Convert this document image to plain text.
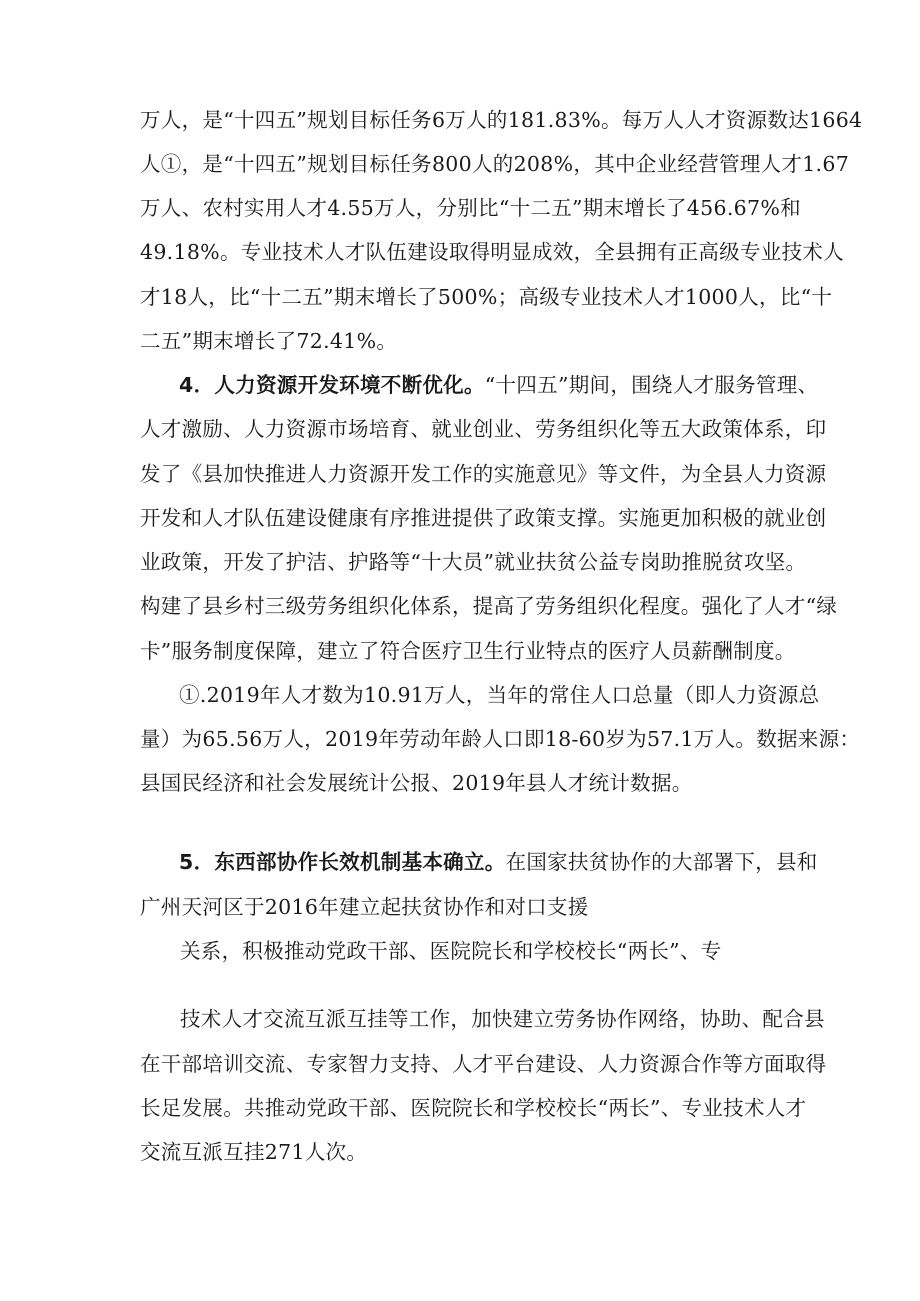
万人，是“十四五”规划目标任务6万人的181.83%。每万人人才资源数达1664
人①，是“十四五”规划目标任务800人的208%，其中企业经营管理人才1.67
万人、农村实用人才4.55万人，分别比“十二五”期末增长了456.67%和
49.18%。专业技术人才队伍建设取得明显成效，全县拥有正高级专业技术人
才18人，比“十二五”期末增长了500%；高级专业技术人才1000人，比“十
二五”期末增长了72.41%。
4．人力资源开发环境不断优化。“十四五”期间，围绕人才服务管理、
人才激励、人力资源市场培育、就业创业、劳务组织化等五大政策体系，印
发了《县加快推进人力资源开发工作的实施意见》等文件，为全县人力资源
开发和人才队伍建设健康有序推进提供了政策支撑。实施更加积极的就业创
业政策，开发了护洁、护路等“十大员”就业扶贫公益专岗助推脱贫攻坚。
构建了县乡村三级劳务组织化体系，提高了劳务组织化程度。强化了人才“绿
卡”服务制度保障，建立了符合医疗卫生行业特点的医疗人员薪酬制度。
①.2019年人才数为10.91万人，当年的常住人口总量（即人力资源总
量）为65.56万人，2019年劳动年龄人口即18-60岁为57.1万人。数据来源：
县国民经济和社会发展统计公报、2019年县人才统计数据。
5．东西部协作长效机制基本确立。在国家扶贫协作的大部署下，县和
广州天河区于2016年建立起扶贫协作和对口支援
关系，积极推动党政干部、医院院长和学校校长“两长”、专
技术人才交流互派互挂等工作，加快建立劳务协作网络，协助、配合县
在干部培训交流、专家智力支持、人才平台建设、人力资源合作等方面取得
长足发展。共推动党政干部、医院院长和学校校长“两长”、专业技术人才
交流互派互挂271人次。
